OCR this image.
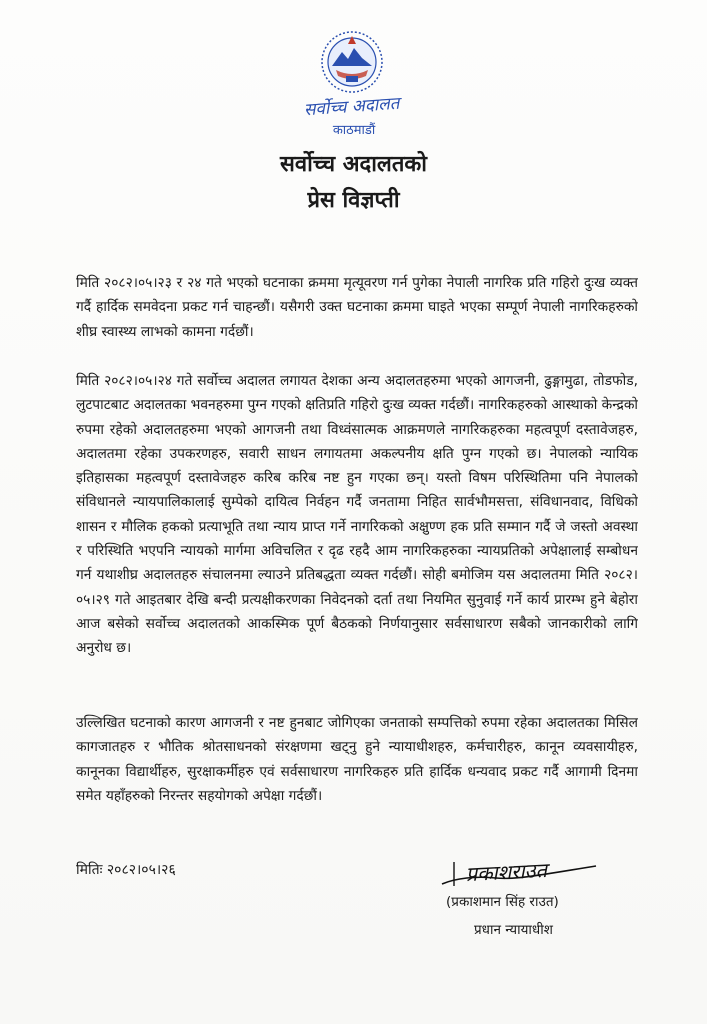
सर्वोच्च अदालत
काठमाडौं
सर्वोच्च अदालतको
प्रेस विज्ञप्ती
मिति २०८२।०५।२३ र २४ गते भएको घटनाका क्रममा मृत्यूवरण गर्न पुगेका नेपाली नागरिक प्रति गहिरो दुःख व्यक्त गर्दै हार्दिक समवेदना प्रकट गर्न चाहन्छौं। यसैगरी उक्त घटनाका क्रममा घाइते भएका सम्पूर्ण नेपाली नागरिकहरुको शीघ्र स्वास्थ्य लाभको कामना गर्दछौं।
मिति २०८२।०५।२४ गते सर्वोच्च अदालत लगायत देशका अन्य अदालतहरुमा भएको आगजनी, ढुङ्गामुढा, तोडफोड, लुटपाटबाट अदालतका भवनहरुमा पुग्न गएको क्षतिप्रति गहिरो दुःख व्यक्त गर्दछौं। नागरिकहरुको आस्थाको केन्द्रको रुपमा रहेको अदालतहरुमा भएको आगजनी तथा विध्वंसात्मक आक्रमणले नागरिकहरुका महत्वपूर्ण दस्तावेजहरु, अदालतमा रहेका उपकरणहरु, सवारी साधन लगायतमा अकल्पनीय क्षति पुग्न गएको छ। नेपालको न्यायिक इतिहासका महत्वपूर्ण दस्तावेजहरु करिब करिब नष्ट हुन गएका छन्। यस्तो विषम परिस्थितिमा पनि नेपालको संविधानले न्यायपालिकालाई सुम्पेको दायित्व निर्वहन गर्दै जनतामा निहित सार्वभौमसत्ता, संविधानवाद, विधिको शासन र मौलिक हकको प्रत्याभूति तथा न्याय प्राप्त गर्ने नागरिकको अक्षुण्ण हक प्रति सम्मान गर्दै जे जस्तो अवस्था र परिस्थिति भएपनि न्यायको मार्गमा अविचलित र दृढ रहदै आम नागरिकहरुका न्यायप्रतिको अपेक्षालाई सम्बोधन गर्न यथाशीघ्र अदालतहरु संचालनमा ल्याउने प्रतिबद्धता व्यक्त गर्दछौं। सोही बमोजिम यस अदालतमा मिति २०८२।०५।२९ गते आइतबार देखि बन्दी प्रत्यक्षीकरणका निवेदनको दर्ता तथा नियमित सुनुवाई गर्ने कार्य प्रारम्भ हुने बेहोरा आज बसेको सर्वोच्च अदालतको आकस्मिक पूर्ण बैठकको निर्णयानुसार सर्वसाधारण सबैको जानकारीको लागि अनुरोध छ।
उल्लिखित घटनाको कारण आगजनी र नष्ट हुनबाट जोगिएका जनताको सम्पत्तिको रुपमा रहेका अदालतका मिसिल कागजातहरु र भौतिक श्रोतसाधनको संरक्षणमा खट्नु हुने न्यायाधीशहरु, कर्मचारीहरु, कानून व्यवसायीहरु, कानूनका विद्यार्थीहरु, सुरक्षाकर्मीहरु एवं सर्वसाधारण नागरिकहरु प्रति हार्दिक धन्यवाद प्रकट गर्दै आगामी दिनमा समेत यहाँहरुको निरन्तर सहयोगको अपेक्षा गर्दछौं।
मितिः २०८२।०५।२६	प्रकाशराउत
(प्रकाशमान सिंह राउत)
प्रधान न्यायाधीश
